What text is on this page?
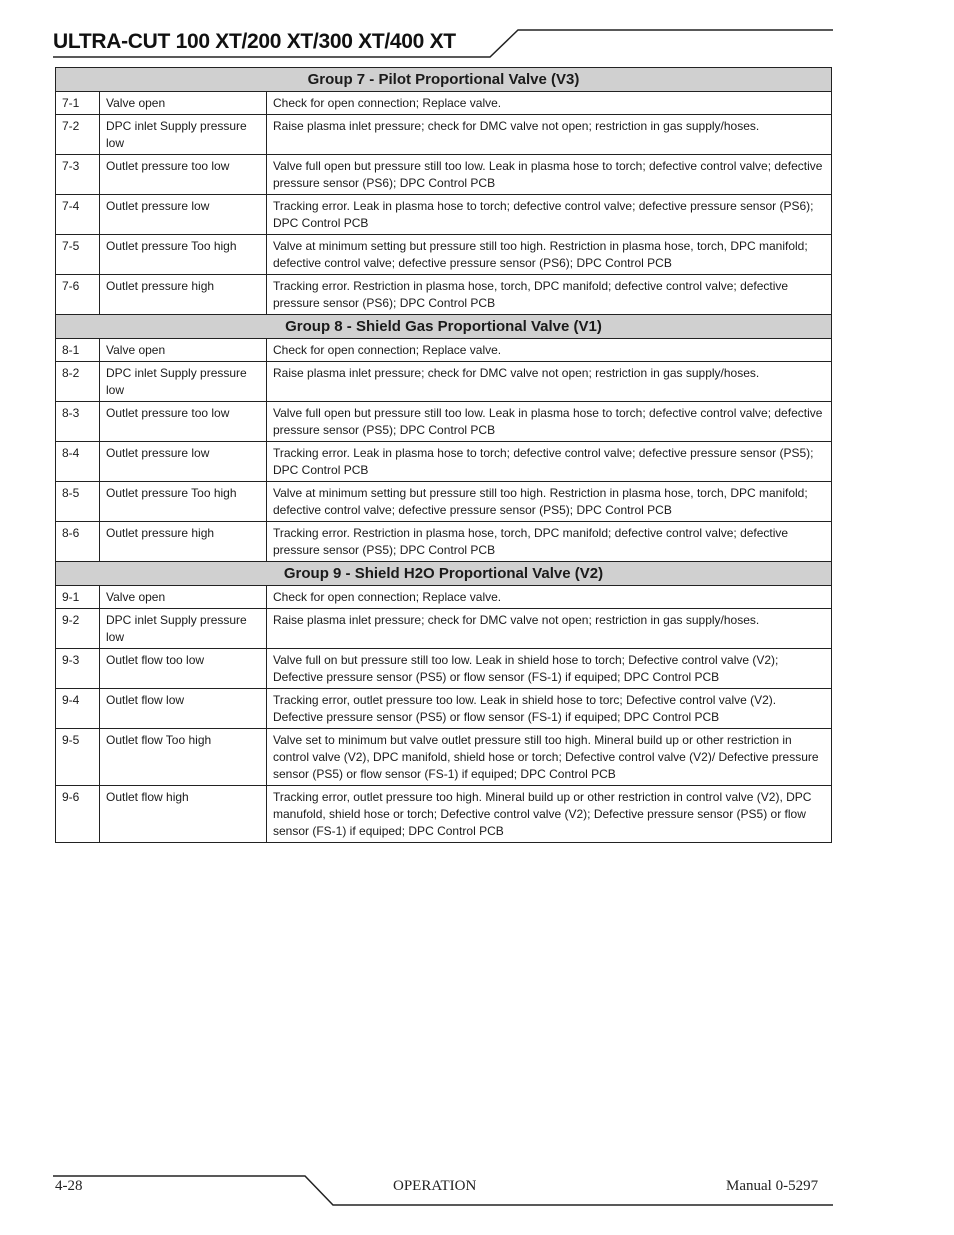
ULTRA-CUT 100 XT/200 XT/300 XT/400 XT
Group 7 - Pilot Proportional Valve (V3)		
7-1	Valve open	Check for open connection; Replace valve.
7-2	DPC inlet Supply pressure low	Raise plasma inlet pressure; check for DMC valve not open; restriction in gas supply/hoses.
7-3	Outlet pressure too low	Valve full open but pressure still too low. Leak in plasma hose to torch; defective control valve; defective pressure sensor (PS6); DPC Control PCB
7-4	Outlet pressure low	Tracking error. Leak in plasma hose to torch; defective control valve; defective pressure sensor (PS6); DPC Control PCB
7-5	Outlet pressure Too high	Valve at minimum setting but pressure still too high. Restriction in plasma hose, torch, DPC manifold; defective control valve; defective pressure sensor (PS6); DPC Control PCB
7-6	Outlet pressure high	Tracking error. Restriction in plasma hose, torch, DPC manifold; defective control valve; defective pressure sensor (PS6); DPC Control PCB
Group 8 - Shield Gas Proportional Valve (V1)		
8-1	Valve open	Check for open connection; Replace valve.
8-2	DPC inlet Supply pressure low	Raise plasma inlet pressure; check for DMC valve not open; restriction in gas supply/hoses.
8-3	Outlet pressure too low	Valve full open but pressure still too low. Leak in plasma hose to torch; defective control valve; defective pressure sensor (PS5); DPC Control PCB
8-4	Outlet pressure low	Tracking error. Leak in plasma hose to torch; defective control valve; defective pressure sensor (PS5); DPC Control PCB
8-5	Outlet pressure Too high	Valve at minimum setting but pressure still too high. Restriction in plasma hose, torch, DPC manifold; defective control valve; defective pressure sensor (PS5); DPC Control PCB
8-6	Outlet pressure high	Tracking error. Restriction in plasma hose, torch, DPC manifold; defective control valve; defective pressure sensor (PS5); DPC Control PCB
Group 9 - Shield H2O Proportional Valve (V2)		
9-1	Valve open	Check for open connection; Replace valve.
9-2	DPC inlet Supply pressure low	Raise plasma inlet pressure; check for DMC valve not open; restriction in gas supply/hoses.
9-3	Outlet flow too low	Valve full on but pressure still too low. Leak in shield hose to torch; Defective control valve (V2); Defective pressure sensor (PS5) or flow sensor (FS-1) if equiped; DPC Control PCB
9-4	Outlet flow low	Tracking error, outlet pressure too low. Leak in shield hose to torc; Defective control valve (V2). Defective pressure sensor (PS5) or flow sensor (FS-1) if equiped; DPC Control PCB
9-5	Outlet flow Too high	Valve set to minimum but valve outlet pressure still too high. Mineral build up or other restriction in control valve (V2), DPC manifold, shield hose or torch; Defective control valve (V2)/ Defective pressure sensor (PS5) or flow sensor (FS-1) if equiped; DPC Control PCB
9-6	Outlet flow high	Tracking error, outlet pressure too high. Mineral build up or other restriction in control valve (V2), DPC manufold, shield hose or torch; Defective control valve (V2); Defective pressure sensor (PS5) or flow sensor (FS-1) if equiped; DPC Control PCB
4-28	OPERATION	Manual 0-5297
